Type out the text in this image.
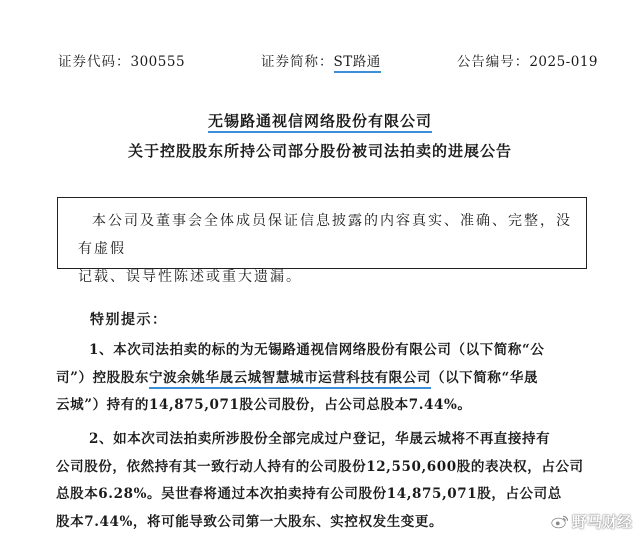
证券代码：300555	证券简称：ST路通	公告编号：2025-019
无锡路通视信网络股份有限公司
关于控股股东所持公司部分股份被司法拍卖的进展公告
本公司及董事会全体成员保证信息披露的内容真实、准确、完整，没有虚假
记载、误导性陈述或重大遗漏。
特别提示：
1、本次司法拍卖的标的为无锡路通视信网络股份有限公司（以下简称“公
司”）控股股东宁波余姚华晟云城智慧城市运营科技有限公司（以下简称“华晟
云城”）持有的14,875,071股公司股份，占公司总股本7.44%。
2、如本次司法拍卖所涉股份全部完成过户登记，华晟云城将不再直接持有
公司股份，依然持有其一致行动人持有的公司股份12,550,600股的表决权，占公司
总股本6.28%。吴世春将通过本次拍卖持有公司股份14,875,071股，占公司总
股本7.44%，将可能导致公司第一大股东、实控权发生变更。	野马财经
